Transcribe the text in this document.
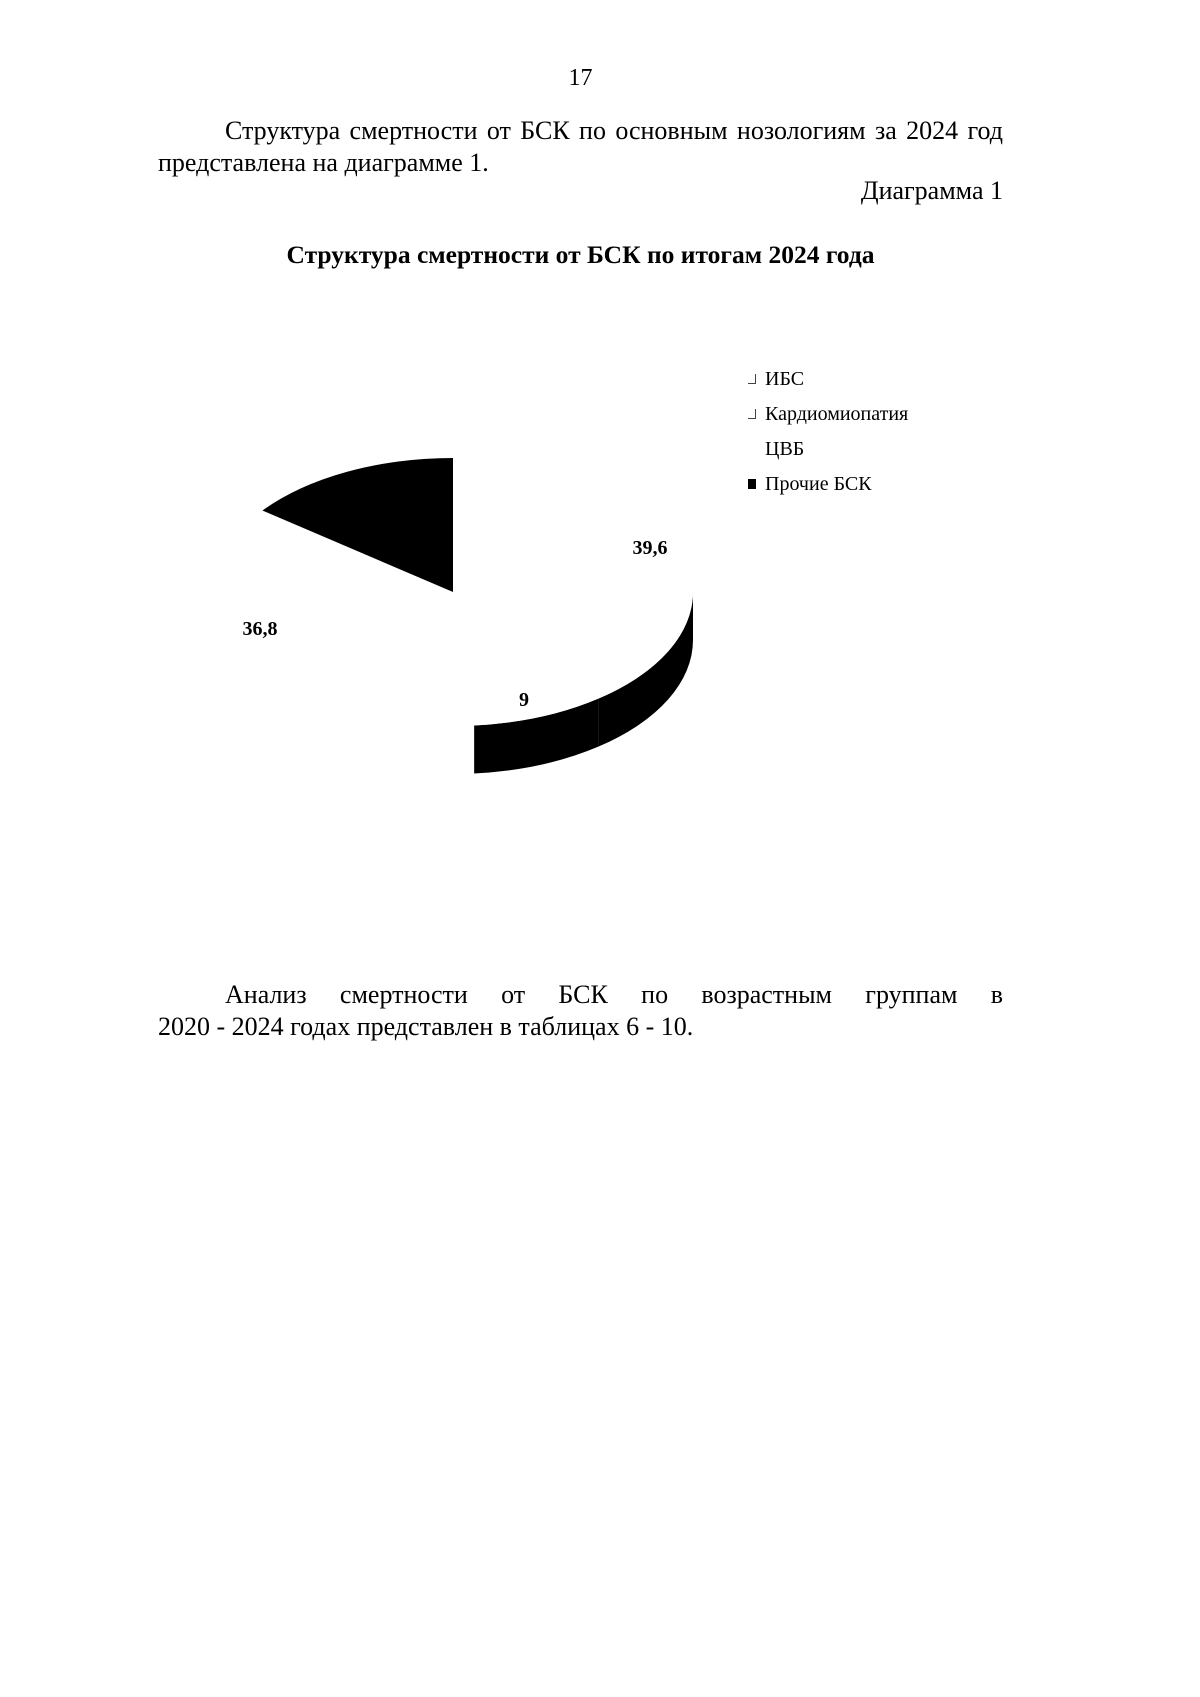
17
Структура смертности от БСК по основным нозологиям за 2024 год
представлена на диаграмме 1.
Диаграмма 1
Структура смертности от БСК по итогам 2024 года
39,6
9
36,8
ИБС
Кардиомиопатия
ЦВБ
Прочие БСК
Анализ смертности от БСК по возрастным группам в
2020 - 2024 годах представлен в таблицах 6 - 10.
